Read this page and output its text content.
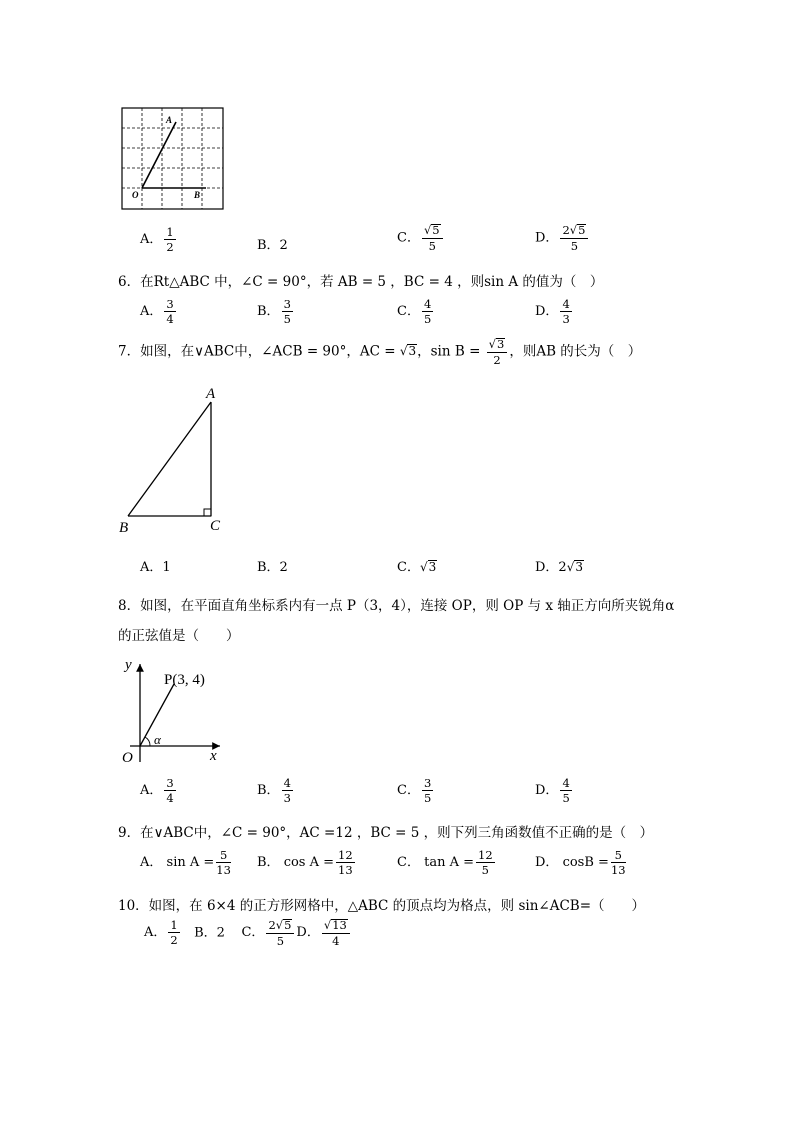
A
O	B
A． $\frac{1}{2}$	B．2
C． $\frac{√5}{5}$	D． $\frac{2√5}{5}$
6．在Rt△ABC 中，∠C = 90°，若 AB = 5 ，BC = 4 ，则sin A 的值为（　）
A． $\frac{3}{4}$	B． $\frac{3}{5}$	C． $\frac{4}{5}$	D． $\frac{4}{3}$
7．如图，在∨ABC中，∠ACB = 90°，AC = √3，$\sin B = \frac{√3}{2}$ ，则AB 的长为（　）
A
B	C
A．1	B．2	C．√3	D．2√3
8．如图，在平面直角坐标系内有一点 P（3，4），连接 OP，则 OP 与 x 轴正方向所夹锐角α
的正弦值是（　　）
y
x
O
P(3, 4)
α
A． $\frac{3}{4}$	B． $\frac{4}{3}$	C． $\frac{3}{5}$	D． $\frac{4}{5}$
9．在∨ABC中，∠C = 90°，AC =12 ，BC = 5 ，则下列三角函数值不正确的是（　）
A． $\sin A = \frac{5}{13}$ B． $\cos A = \frac{12}{13}$	C． $\tan A = \frac{12}{5}$	D． $\cos B = \frac{5}{13}$
10．如图，在 6×4 的正方形网格中，△ABC 的顶点均为格点，则 sin∠ACB=（　　）
A． $\frac{1}{2}$ B．2 C． $\frac{2√5}{5}$ D． $\frac{√13}{4}$
